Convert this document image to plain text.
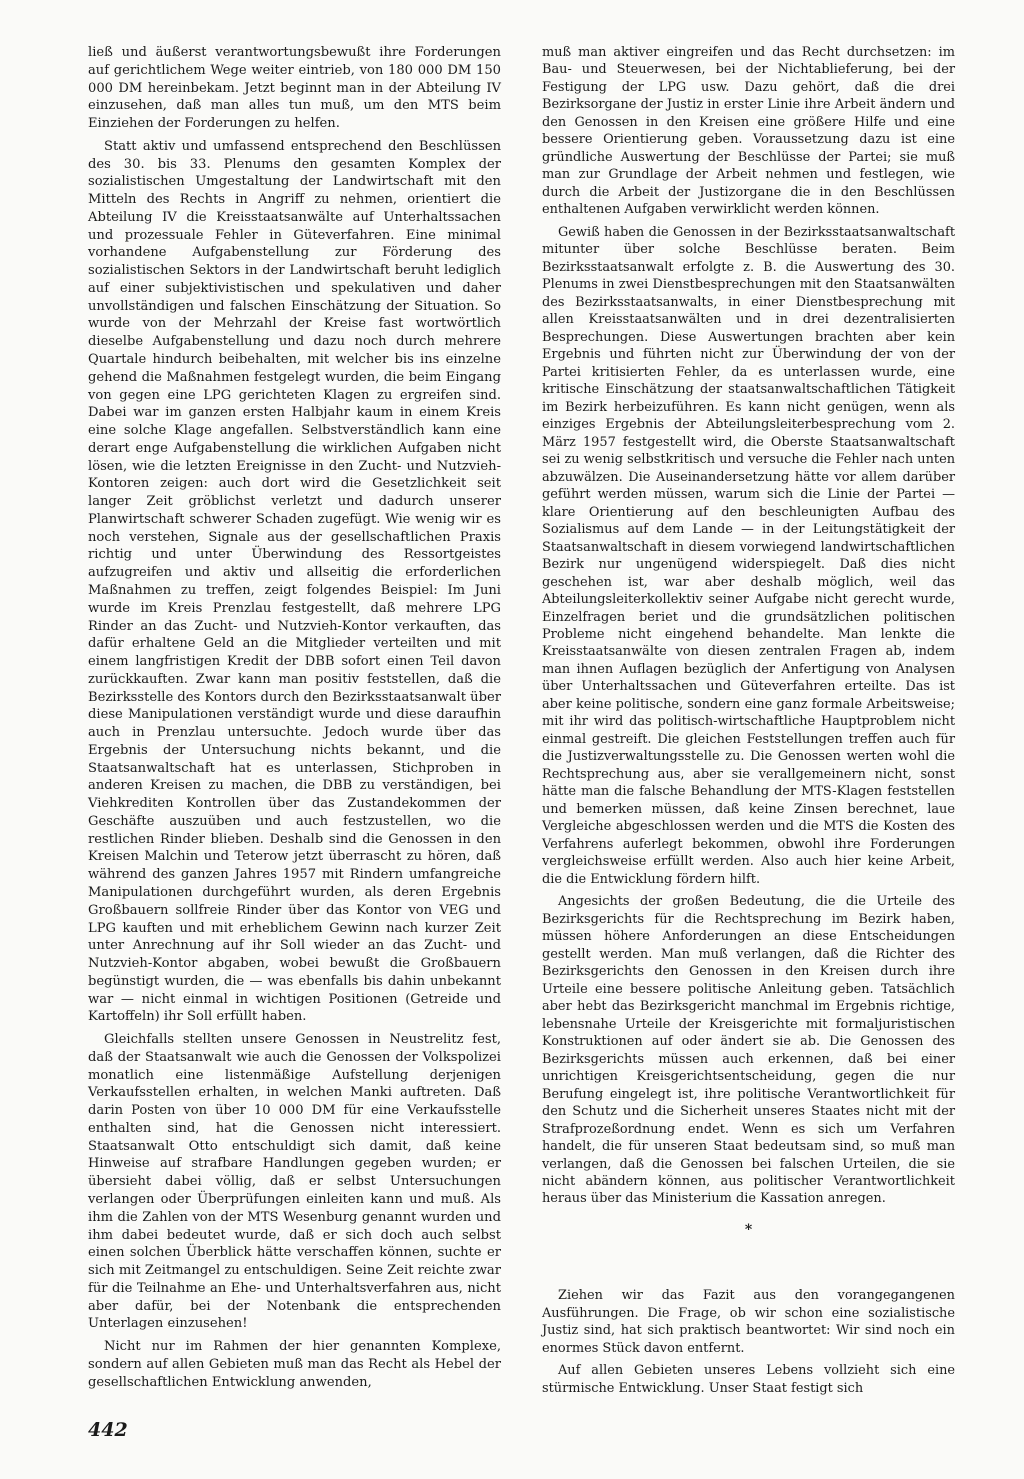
ließ und äußerst verantwortungsbewußt ihre Forderungen auf gerichtlichem Wege weiter eintrieb, von 180 000 DM 150 000 DM hereinbekam. Jetzt beginnt man in der Abteilung IV einzusehen, daß man alles tun muß, um den MTS beim Einziehen der Forderungen zu helfen.

Statt aktiv und umfassend entsprechend den Beschlüssen des 30. bis 33. Plenums den gesamten Komplex der sozialistischen Umgestaltung der Landwirtschaft mit den Mitteln des Rechts in Angriff zu nehmen, orientiert die Abteilung IV die Kreisstaatsanwälte auf Unterhaltssachen und prozessuale Fehler in Güteverfahren. Eine minimal vorhandene Aufgabenstellung zur Förderung des sozialistischen Sektors in der Landwirtschaft beruht lediglich auf einer subjektivistischen und spekulativen und daher unvollständigen und falschen Einschätzung der Situation. So wurde von der Mehrzahl der Kreise fast wortwörtlich dieselbe Aufgabenstellung und dazu noch durch mehrere Quartale hindurch beibehalten, mit welcher bis ins einzelne gehend die Maßnahmen festgelegt wurden, die beim Eingang von gegen eine LPG gerichteten Klagen zu ergreifen sind. Dabei war im ganzen ersten Halbjahr kaum in einem Kreis eine solche Klage angefallen. Selbstverständlich kann eine derart enge Aufgabenstellung die wirklichen Aufgaben nicht lösen, wie die letzten Ereignisse in den Zucht- und Nutzvieh-Kontoren zeigen: auch dort wird die Gesetzlichkeit seit langer Zeit gröblichst verletzt und dadurch unserer Planwirtschaft schwerer Schaden zugefügt. Wie wenig wir es noch verstehen, Signale aus der gesellschaftlichen Praxis richtig und unter Überwindung des Ressortgeistes aufzugreifen und aktiv und allseitig die erforderlichen Maßnahmen zu treffen, zeigt folgendes Beispiel: Im Juni wurde im Kreis Prenzlau festgestellt, daß mehrere LPG Rinder an das Zucht- und Nutzvieh-Kontor verkauften, das dafür erhaltene Geld an die Mitglieder verteilten und mit einem langfristigen Kredit der DBB sofort einen Teil davon zurückkauften. Zwar kann man positiv feststellen, daß die Bezirksstelle des Kontors durch den Bezirksstaatsanwalt über diese Manipulationen verständigt wurde und diese daraufhin auch in Prenzlau untersuchte. Jedoch wurde über das Ergebnis der Untersuchung nichts bekannt, und die Staatsanwaltschaft hat es unterlassen, Stichproben in anderen Kreisen zu machen, die DBB zu verständigen, bei Viehkrediten Kontrollen über das Zustandekommen der Geschäfte auszuüben und auch festzustellen, wo die restlichen Rinder blieben. Deshalb sind die Genossen in den Kreisen Malchin und Teterow jetzt überrascht zu hören, daß während des ganzen Jahres 1957 mit Rindern umfangreiche Manipulationen durchgeführt wurden, als deren Ergebnis Großbauern sollfreie Rinder über das Kontor von VEG und LPG kauften und mit erheblichem Gewinn nach kurzer Zeit unter Anrechnung auf ihr Soll wieder an das Zucht- und Nutzvieh-Kontor abgaben, wobei bewußt die Großbauern begünstigt wurden, die — was ebenfalls bis dahin unbekannt war — nicht einmal in wichtigen Positionen (Getreide und Kartoffeln) ihr Soll erfüllt haben.

Gleichfalls stellten unsere Genossen in Neustrelitz fest, daß der Staatsanwalt wie auch die Genossen der Volkspolizei monatlich eine listenmäßige Aufstellung derjenigen Verkaufsstellen erhalten, in welchen Manki auftreten. Daß darin Posten von über 10 000 DM für eine Verkaufsstelle enthalten sind, hat die Genossen nicht interessiert. Staatsanwalt Otto entschuldigt sich damit, daß keine Hinweise auf strafbare Handlungen gegeben wurden; er übersieht dabei völlig, daß er selbst Untersuchungen verlangen oder Überprüfungen einleiten kann und muß. Als ihm die Zahlen von der MTS Wesenburg genannt wurden und ihm dabei bedeutet wurde, daß er sich doch auch selbst einen solchen Überblick hätte verschaffen können, suchte er sich mit Zeitmangel zu entschuldigen. Seine Zeit reichte zwar für die Teilnahme an Ehe- und Unterhaltsverfahren aus, nicht aber dafür, bei der Notenbank die entsprechenden Unterlagen einzusehen!

Nicht nur im Rahmen der hier genannten Komplexe, sondern auf allen Gebieten muß man das Recht als Hebel der gesellschaftlichen Entwicklung anwenden,

muß man aktiver eingreifen und das Recht durchsetzen: im Bau- und Steuerwesen, bei der Nichtablieferung, bei der Festigung der LPG usw. Dazu gehört, daß die drei Bezirksorgane der Justiz in erster Linie ihre Arbeit ändern und den Genossen in den Kreisen eine größere Hilfe und eine bessere Orientierung geben. Voraussetzung dazu ist eine gründliche Auswertung der Beschlüsse der Partei; sie muß man zur Grundlage der Arbeit nehmen und festlegen, wie durch die Arbeit der Justizorgane die in den Beschlüssen enthaltenen Aufgaben verwirklicht werden können.

Gewiß haben die Genossen in der Bezirksstaatsanwaltschaft mitunter über solche Beschlüsse beraten. Beim Bezirksstaatsanwalt erfolgte z. B. die Auswertung des 30. Plenums in zwei Dienstbesprechungen mit den Staatsanwälten des Bezirksstaatsanwalts, in einer Dienstbesprechung mit allen Kreisstaatsanwälten und in drei dezentralisierten Besprechungen. Diese Auswertungen brachten aber kein Ergebnis und führten nicht zur Überwindung der von der Partei kritisierten Fehler, da es unterlassen wurde, eine kritische Einschätzung der staatsanwaltschaftlichen Tätigkeit im Bezirk herbeizuführen. Es kann nicht genügen, wenn als einziges Ergebnis der Abteilungsleiterbesprechung vom 2. März 1957 festgestellt wird, die Oberste Staatsanwaltschaft sei zu wenig selbstkritisch und versuche die Fehler nach unten abzuwälzen. Die Auseinandersetzung hätte vor allem darüber geführt werden müssen, warum sich die Linie der Partei — klare Orientierung auf den beschleunigten Aufbau des Sozialismus auf dem Lande — in der Leitungstätigkeit der Staatsanwaltschaft in diesem vorwiegend landwirtschaftlichen Bezirk nur ungenügend widerspiegelt. Daß dies nicht geschehen ist, war aber deshalb möglich, weil das Abteilungsleiterkollektiv seiner Aufgabe nicht gerecht wurde, Einzelfragen beriet und die grundsätzlichen politischen Probleme nicht eingehend behandelte. Man lenkte die Kreisstaatsanwälte von diesen zentralen Fragen ab, indem man ihnen Auflagen bezüglich der Anfertigung von Analysen über Unterhaltssachen und Güteverfahren erteilte. Das ist aber keine politische, sondern eine ganz formale Arbeitsweise; mit ihr wird das politisch-wirtschaftliche Hauptproblem nicht einmal gestreift. Die gleichen Feststellungen treffen auch für die Justizverwaltungsstelle zu. Die Genossen werten wohl die Rechtsprechung aus, aber sie verallgemeinern nicht, sonst hätte man die falsche Behandlung der MTS-Klagen feststellen und bemerken müssen, daß keine Zinsen berechnet, laue Vergleiche abgeschlossen werden und die MTS die Kosten des Verfahrens auferlegt bekommen, obwohl ihre Forderungen vergleichsweise erfüllt werden. Also auch hier keine Arbeit, die die Entwicklung fördern hilft.

Angesichts der großen Bedeutung, die die Urteile des Bezirksgerichts für die Rechtsprechung im Bezirk haben, müssen höhere Anforderungen an diese Entscheidungen gestellt werden. Man muß verlangen, daß die Richter des Bezirksgerichts den Genossen in den Kreisen durch ihre Urteile eine bessere politische Anleitung geben. Tatsächlich aber hebt das Bezirksgericht manchmal im Ergebnis richtige, lebensnahe Urteile der Kreisgerichte mit formaljuristischen Konstruktionen auf oder ändert sie ab. Die Genossen des Bezirksgerichts müssen auch erkennen, daß bei einer unrichtigen Kreisgerichtsentscheidung, gegen die nur Berufung eingelegt ist, ihre politische Verantwortlichkeit für den Schutz und die Sicherheit unseres Staates nicht mit der Strafprozeßordnung endet. Wenn es sich um Verfahren handelt, die für unseren Staat bedeutsam sind, so muß man verlangen, daß die Genossen bei falschen Urteilen, die sie nicht abändern können, aus politischer Verantwortlichkeit heraus über das Ministerium die Kassation anregen.

*

Ziehen wir das Fazit aus den vorangegangenen Ausführungen. Die Frage, ob wir schon eine sozialistische Justiz sind, hat sich praktisch beantwortet: Wir sind noch ein enormes Stück davon entfernt.

Auf allen Gebieten unseres Lebens vollzieht sich eine stürmische Entwicklung. Unser Staat festigt sich

442
